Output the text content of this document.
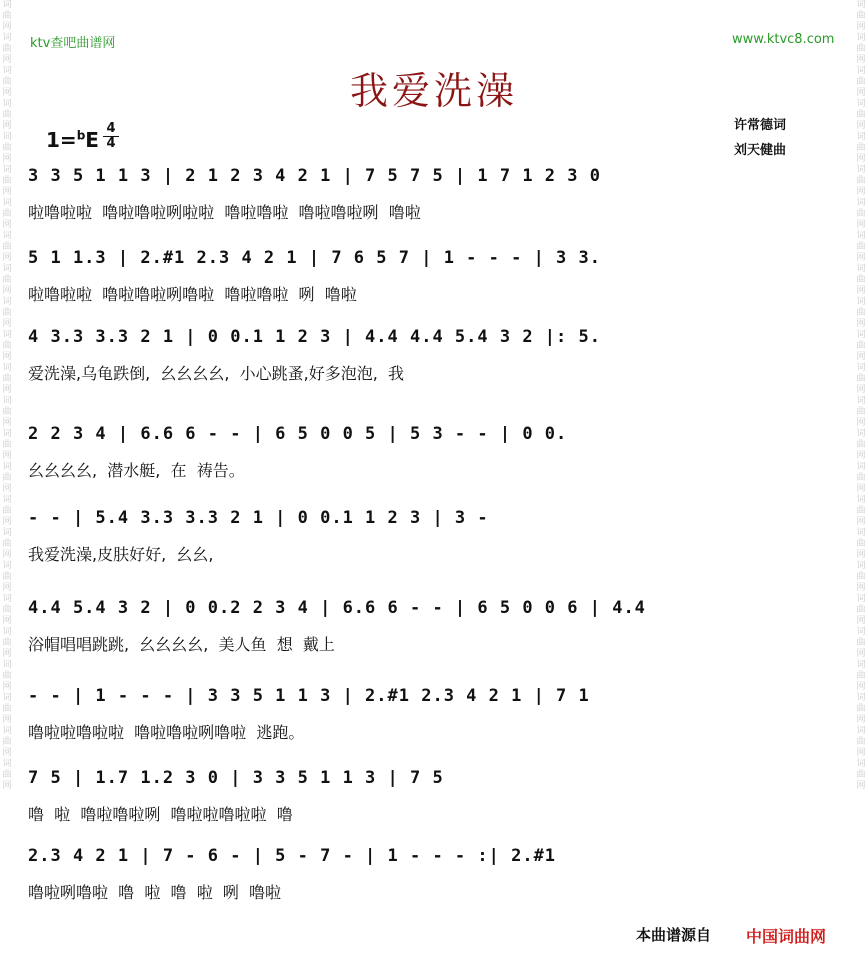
词曲网词曲网词曲网词曲网词曲网词曲网词曲网词曲网词曲网词曲网词曲网词曲网词曲网词曲网词曲网词曲网词曲网词曲网词曲网词曲网词曲网词曲网词曲网词曲网
词曲网词曲网词曲网词曲网词曲网词曲网词曲网词曲网词曲网词曲网词曲网词曲网词曲网词曲网词曲网词曲网词曲网词曲网词曲网词曲网词曲网词曲网词曲网词曲网
ktv查吧曲谱网	www.ktvc8.com
我爱洗澡
1=$^b$E 4
4
许常德词
刘天健曲
3 3 5 1 1 3 | 2 1 2 3 4 2 1 | 7 5 7 5 | 1 7 1 2 3 0
啦噜啦啦  噜啦噜啦咧啦啦  噜啦噜啦  噜啦噜啦咧  噜啦
5 1 1.3 | 2.#1 2.3 4 2 1 | 7 6 5 7 | 1 - - - | 3 3.
啦噜啦啦  噜啦噜啦咧噜啦  噜啦噜啦  咧  噜啦
4 3.3 3.3 2 1 | 0 0.1 1 2 3 | 4.4 4.4 5.4 3 2 |: 5.
爱洗澡,乌龟跌倒,  幺幺幺幺,  小心跳蚤,好多泡泡,  我
2 2 3 4 | 6.6 6 - - | 6 5 0 0 5 | 5 3 - - | 0 0.
幺幺幺幺,  潜水艇,  在  祷告。
- - | 5.4 3.3 3.3 2 1 | 0 0.1 1 2 3 | 3 -
我爱洗澡,皮肤好好,  幺幺,
4.4 5.4 3 2 | 0 0.2 2 3 4 | 6.6 6 - - | 6 5 0 0 6 | 4.4
浴帽唱唱跳跳,  幺幺幺幺,  美人鱼  想  戴上
- - | 1 - - - | 3 3 5 1 1 3 | 2.#1 2.3 4 2 1 | 7 1
噜啦啦噜啦啦  噜啦噜啦咧噜啦  逃跑。
7 5 | 1.7 1.2 3 0 | 3 3 5 1 1 3 | 7 5
噜  啦  噜啦噜啦咧  噜啦啦噜啦啦  噜
2.3 4 2 1 | 7 - 6 - | 5 - 7 - | 1 - - - :| 2.#1
噜啦咧噜啦  噜  啦  噜  啦  咧  噜啦
本曲谱源自 中国词曲网
